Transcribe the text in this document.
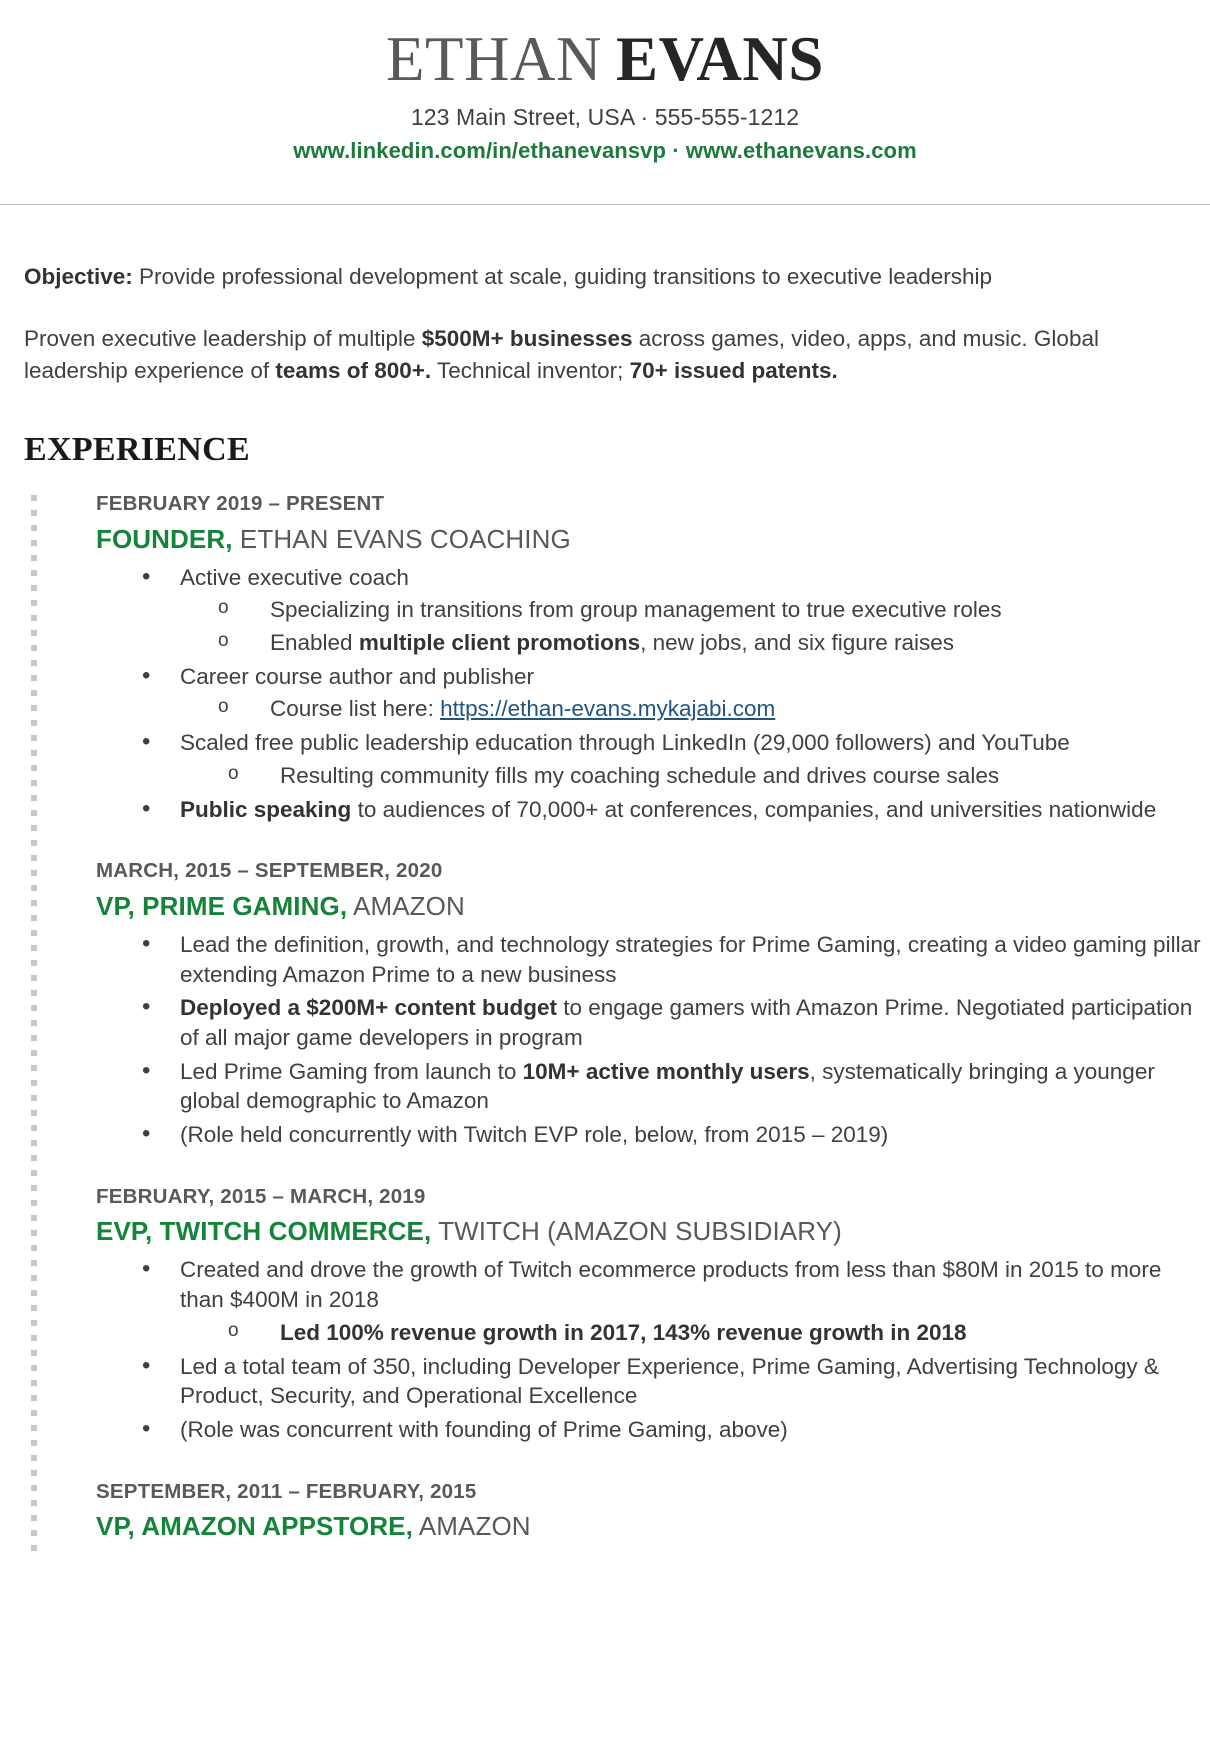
ETHAN EVANS
123 Main Street, USA · 555-555-1212
www.linkedin.com/in/ethanevansvp · www.ethanevans.com

Objective: Provide professional development at scale, guiding transitions to executive leadership

Proven executive leadership of multiple $500M+ businesses across games, video, apps, and music. Global leadership experience of teams of 800+. Technical inventor; 70+ issued patents.

EXPERIENCE
FEBRUARY 2019 – PRESENT
FOUNDER, ETHAN EVANS COACHING
• Active executive coach
o Specializing in transitions from group management to true executive roles
o Enabled multiple client promotions, new jobs, and six figure raises
• Career course author and publisher
o Course list here: https://ethan-evans.mykajabi.com
• Scaled free public leadership education through LinkedIn (29,000 followers) and YouTube
o Resulting community fills my coaching schedule and drives course sales
• Public speaking to audiences of 70,000+ at conferences, companies, and universities nationwide
MARCH, 2015 – SEPTEMBER, 2020
VP, PRIME GAMING, AMAZON
• Lead the definition, growth, and technology strategies for Prime Gaming, creating a video gaming pillar extending Amazon Prime to a new business
• Deployed a $200M+ content budget to engage gamers with Amazon Prime. Negotiated participation of all major game developers in program
• Led Prime Gaming from launch to 10M+ active monthly users, systematically bringing a younger global demographic to Amazon
• (Role held concurrently with Twitch EVP role, below, from 2015 – 2019)
FEBRUARY, 2015 – MARCH, 2019
EVP, TWITCH COMMERCE, TWITCH (AMAZON SUBSIDIARY)
• Created and drove the growth of Twitch ecommerce products from less than $80M in 2015 to more than $400M in 2018
o Led 100% revenue growth in 2017, 143% revenue growth in 2018
• Led a total team of 350, including Developer Experience, Prime Gaming, Advertising Technology & Product, Security, and Operational Excellence
• (Role was concurrent with founding of Prime Gaming, above)
SEPTEMBER, 2011 – FEBRUARY, 2015
VP, AMAZON APPSTORE, AMAZON
